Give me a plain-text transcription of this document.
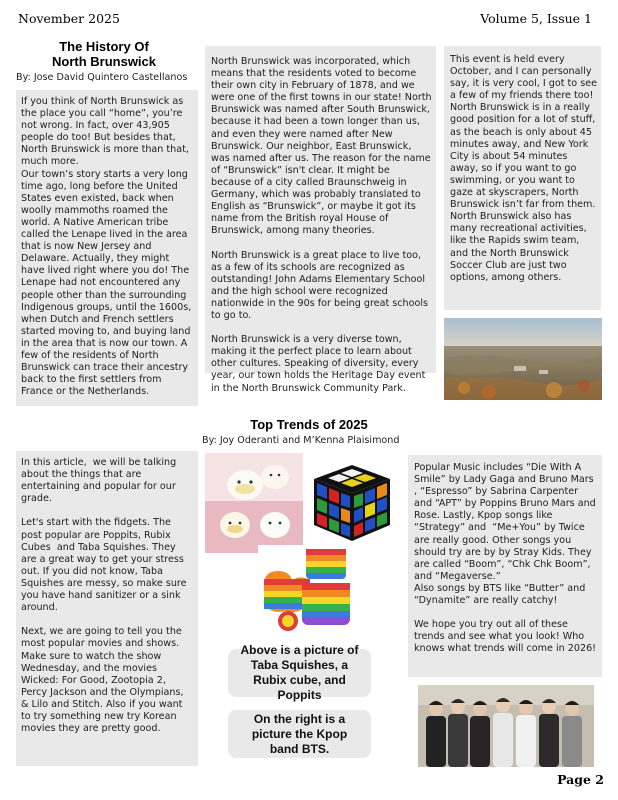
November 2025	Volume 5, Issue 1
The History Of
North Brunswick
By: Jose David Quintero Castellanos
If you think of North Brunswick as the place you call “home”, you’re not wrong. In fact, over 43,905 people do too! But besides that, North Brunswick is more than that, much more.
Our town’s story starts a very long time ago, long before the United States even existed, back when woolly mammoths roamed the world. A Native American tribe called the Lenape lived in the area that is now New Jersey and Delaware. Actually, they might have lived right where you do! The Lenape had not encountered any people other than the surrounding Indigenous groups, until the 1600s, when Dutch and French settlers started moving to, and buying land in the area that is now our town. A few of the residents of North Brunswick can trace their ancestry back to the first settlers from France or the Netherlands.
North Brunswick was incorporated, which means that the residents voted to become their own city in February of 1878, and we were one of the first towns in our state! North Brunswick was named after South Brunswick, because it had been a town longer than us, and even they were named after New Brunswick. Our neighbor, East Brunswick, was named after us. The reason for the name of “Brunswick” isn't clear. It might be because of a city called Braunschweig in Germany, which was probably translated to English as “Brunswick”, or maybe it got its name from the British royal House of Brunswick, among many theories.

North Brunswick is a great place to live too, as a few of its schools are recognized as outstanding! John Adams Elementary School and the high school were recognized nationwide in the 90s for being great schools to go to.

North Brunswick is a very diverse town, making it the perfect place to learn about other cultures. Speaking of diversity, every year, our town holds the Heritage Day event in the North Brunswick Community Park.
This event is held every October, and I can personally say, it is very cool, I got to see a few of my friends there too! North Brunswick is in a really good position for a lot of stuff, as the beach is only about 45 minutes away, and New York City is about 54 minutes away, so if you want to go swimming, or you want to gaze at skyscrapers, North Brunswick isn’t far from them. North Brunswick also has many recreational activities, like the Rapids swim team, and the North Brunswick Soccer Club are just two options, among others.
Top Trends of 2025
By: Joy Oderanti and M’Kenna Plaisimond
In this article,  we will be talking about the things that are entertaining and popular for our grade.

Let's start with the fidgets. The post popular are Poppits, Rubix Cubes  and Taba Squishes. They are a great way to get your stress out. If you did not know, Taba Squishes are messy, so make sure you have hand sanitizer or a sink around.

Next, we are going to tell you the most popular movies and shows. Make sure to watch the show Wednesday, and the movies Wicked: For Good, Zootopia 2, Percy Jackson and the Olympians, & Lilo and Stitch. Also if you want to try something new try Korean movies they are pretty good.
Above is a picture of Taba Squishes, a Rubix cube, and Poppits
On the right is a picture the Kpop band BTS.
Popular Music includes “Die With A Smile” by Lady Gaga and Bruno Mars , “Espresso” by Sabrina Carpenter and “APT” by Poppins Bruno Mars and Rose. Lastly, Kpop songs like “Strategy” and  “Me+You” by Twice are really good. Other songs you should try are by by Stray Kids. They are called “Boom”, “Chk Chk Boom”, and “Megaverse.”
Also songs by BTS like “Butter” and “Dynamite” are really catchy!

We hope you try out all of these trends and see what you look! Who knows what trends will come in 2026!
Page 2
